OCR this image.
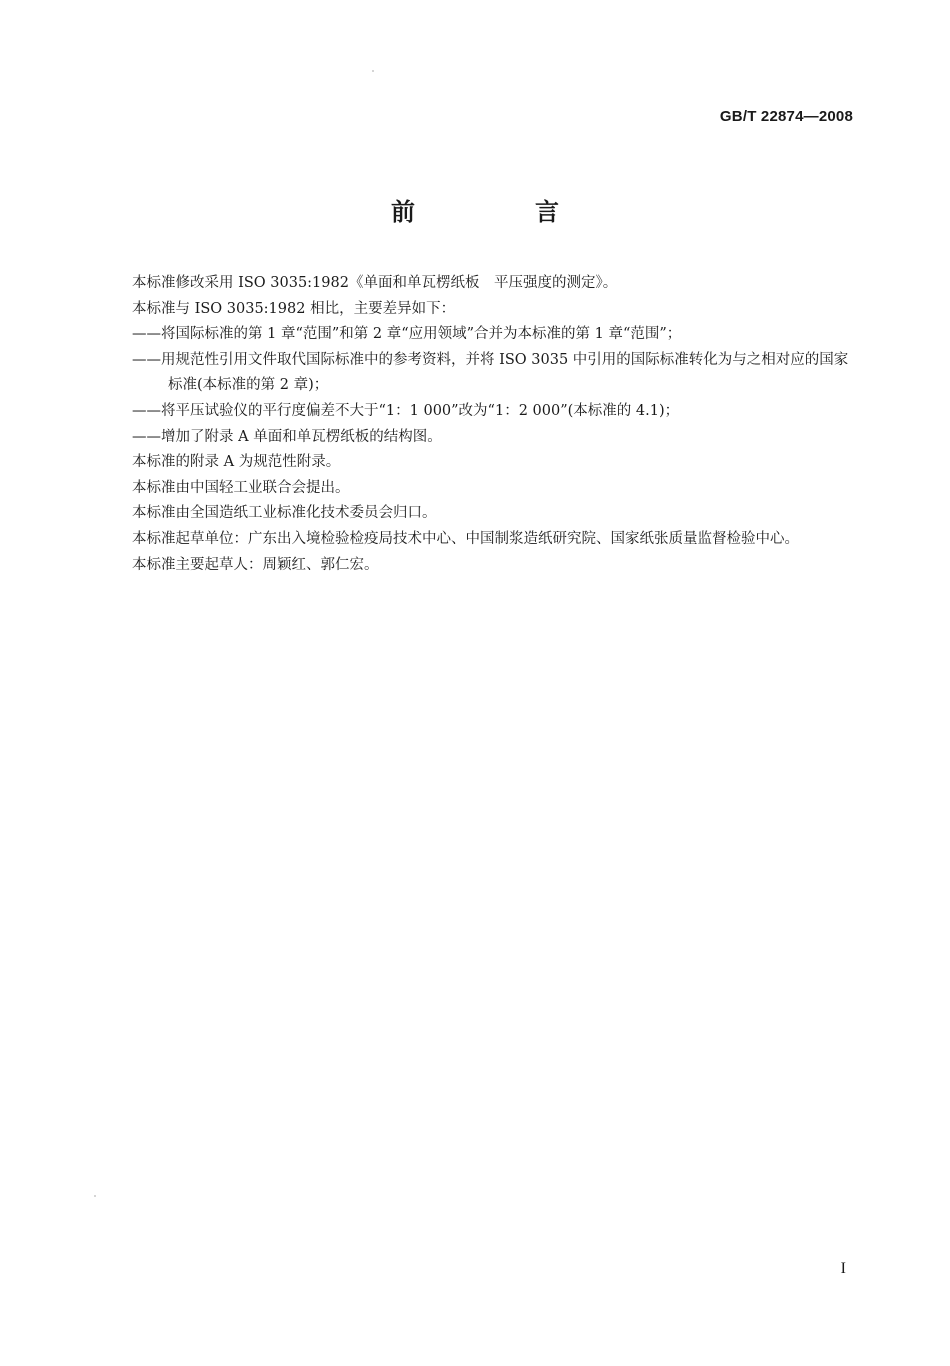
GB/T 22874—2008
前　言

本标准修改采用 ISO 3035:1982《单面和单瓦楞纸板　平压强度的测定》。

本标准与 ISO 3035:1982 相比，主要差异如下：

——将国际标准的第 1 章“范围”和第 2 章“应用领域”合并为本标准的第 1 章“范围”；

——用规范性引用文件取代国际标准中的参考资料，并将 ISO 3035 中引用的国际标准转化为与之相对应的国家标准(本标准的第 2 章)；

——将平压试验仪的平行度偏差不大于“1：1 000”改为“1：2 000”(本标准的 4.1)；

——增加了附录 A 单面和单瓦楞纸板的结构图。

本标准的附录 A 为规范性附录。

本标准由中国轻工业联合会提出。

本标准由全国造纸工业标准化技术委员会归口。

本标准起草单位：广东出入境检验检疫局技术中心、中国制浆造纸研究院、国家纸张质量监督检验中心。

本标准主要起草人：周颖红、郭仁宏。

I
